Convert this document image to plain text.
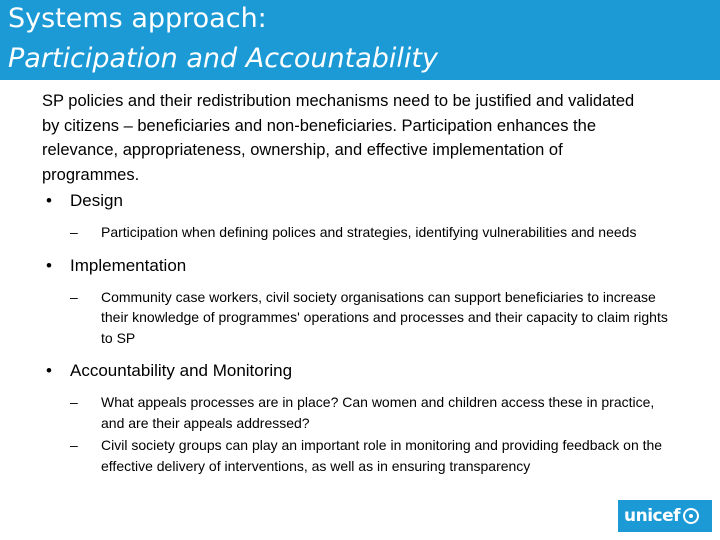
Systems approach:
Participation and Accountability

SP policies and their redistribution mechanisms need to be justified and validated by citizens – beneficiaries and non-beneficiaries. Participation enhances the relevance, appropriateness, ownership, and effective implementation of programmes.

• Design
– Participation when defining polices and strategies, identifying vulnerabilities and needs
• Implementation
– Community case workers, civil society organisations can support beneficiaries to increase their knowledge of programmes' operations and processes and their capacity to claim rights to SP
• Accountability and Monitoring
– What appeals processes are in place? Can women and children access these in practice, and are their appeals addressed?
– Civil society groups can play an important role in monitoring and providing feedback on the effective delivery of interventions, as well as in ensuring transparency
unicef
